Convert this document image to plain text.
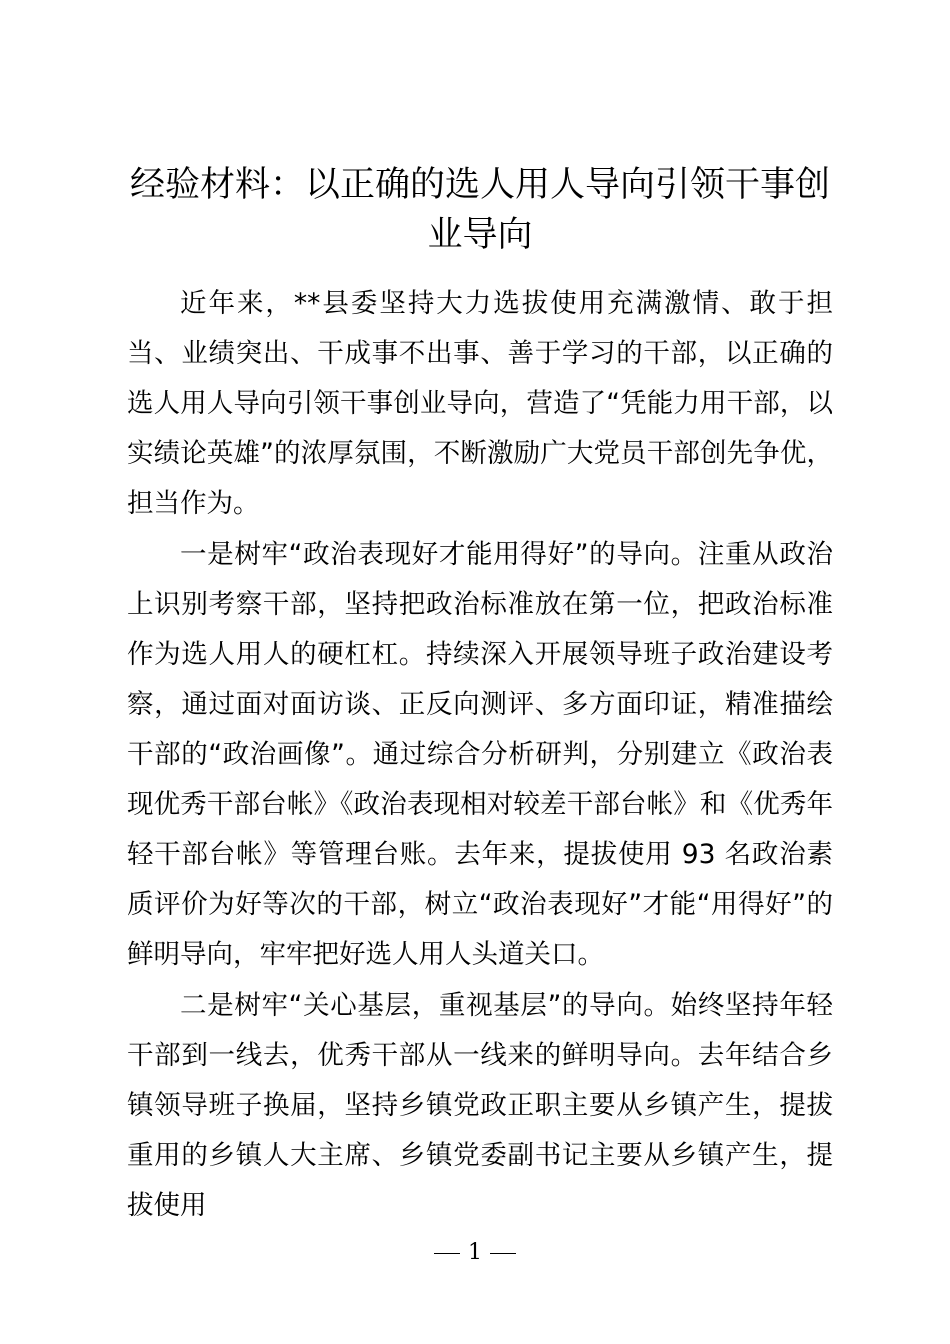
经验材料：以正确的选人用人导向引领干事创业导向

近年来，**县委坚持大力选拔使用充满激情、敢于担当、业绩突出、干成事不出事、善于学习的干部，以正确的选人用人导向引领干事创业导向，营造了“凭能力用干部，以实绩论英雄”的浓厚氛围，不断激励广大党员干部创先争优，担当作为。

一是树牢“政治表现好才能用得好”的导向。注重从政治上识别考察干部，坚持把政治标准放在第一位，把政治标准作为选人用人的硬杠杠。持续深入开展领导班子政治建设考察，通过面对面访谈、正反向测评、多方面印证，精准描绘干部的“政治画像”。通过综合分析研判，分别建立《政治表现优秀干部台帐》《政治表现相对较差干部台帐》和《优秀年轻干部台帐》等管理台账。去年来，提拔使用 93 名政治素质评价为好等次的干部，树立“政治表现好”才能“用得好”的鲜明导向，牢牢把好选人用人头道关口。

二是树牢“关心基层，重视基层”的导向。始终坚持年轻干部到一线去，优秀干部从一线来的鲜明导向。去年结合乡镇领导班子换届，坚持乡镇党政正职主要从乡镇产生，提拔重用的乡镇人大主席、乡镇党委副书记主要从乡镇产生，提拔使用

1
